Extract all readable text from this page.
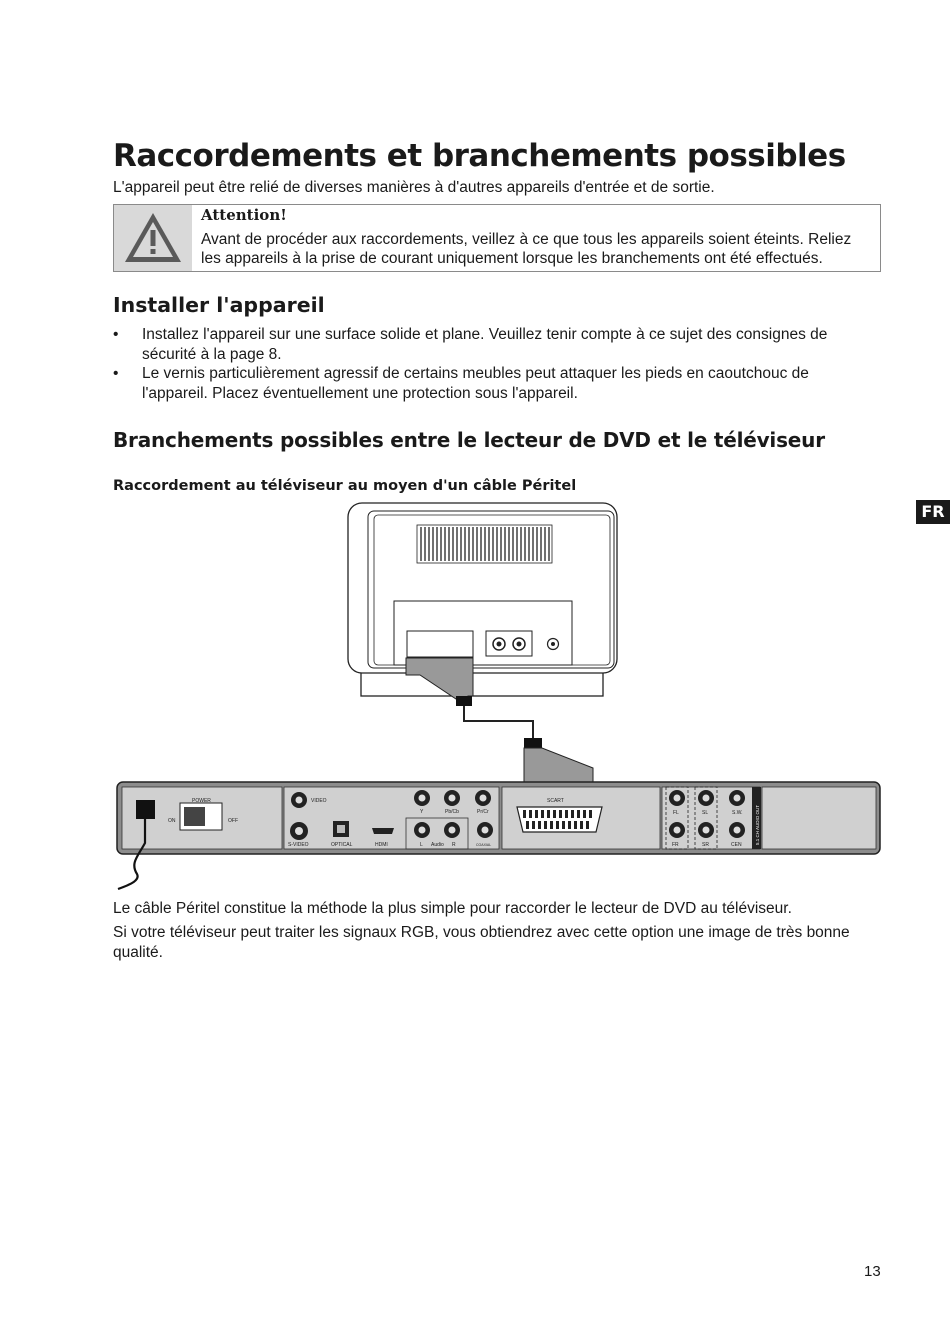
Raccordements et branchements possibles

L'appareil peut être relié de diverses manières à d'autres appareils d'entrée et de sortie.

Attention!
Avant de procéder aux raccordements, veillez à ce que tous les appareils soient éteints. Reliez les appareils à la prise de courant uniquement lorsque les branchements ont été effectués.
Installer l'appareil
• Installez l'appareil sur une surface solide et plane. Veuillez tenir compte à ce sujet des consignes de sécurité à la page 8.
• Le vernis particulièrement agressif de certains meubles peut attaquer les pieds en caoutchouc de l'appareil. Placez éventuellement une protection sous l'appareil.
Branchements possibles entre le lecteur de DVD et le téléviseur
Raccordement au téléviseur au moyen d'un câble Péritel
FR
POWER
ON	OFF
VIDEO
S-VIDEO	OPTICAL	HDMI
Y	Pb/Cb	Pr/Cr
L Audio R	COAXIAL
SCART
FL
FR
SL
SR
S.W.
CEN	5.1 CH AUDIO OUT

Le câble Péritel constitue la méthode la plus simple pour raccorder le lecteur de DVD au téléviseur.

Si votre téléviseur peut traiter les signaux RGB, vous obtiendrez avec cette option une image de très bonne qualité.

13
